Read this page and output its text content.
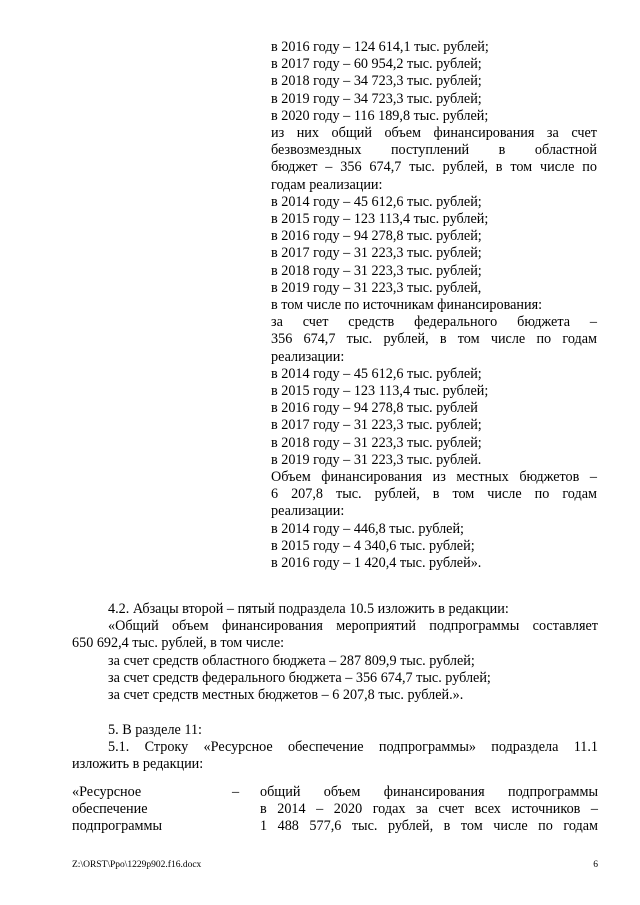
в 2016 году – 124 614,1 тыс. рублей;
в 2017 году – 60 954,2 тыс. рублей;
в 2018 году – 34 723,3 тыс. рублей;
в 2019 году – 34 723,3 тыс. рублей;
в 2020 году – 116 189,8 тыс. рублей;
из них общий объем финансирования за счет
безвозмездных поступлений в областной
бюджет – 356 674,7 тыс. рублей, в том числе по
годам реализации:
в 2014 году – 45 612,6 тыс. рублей;
в 2015 году – 123 113,4 тыс. рублей;
в 2016 году – 94 278,8 тыс. рублей;
в 2017 году – 31 223,3 тыс. рублей;
в 2018 году – 31 223,3 тыс. рублей;
в 2019 году – 31 223,3 тыс. рублей,
в том числе по источникам финансирования:
за счет средств федерального бюджета –
356 674,7 тыс. рублей, в том числе по годам
реализации:
в 2014 году – 45 612,6 тыс. рублей;
в 2015 году – 123 113,4 тыс. рублей;
в 2016 году – 94 278,8 тыс. рублей
в 2017 году – 31 223,3 тыс. рублей;
в 2018 году – 31 223,3 тыс. рублей;
в 2019 году – 31 223,3 тыс. рублей.
Объем финансирования из местных бюджетов –
6 207,8 тыс. рублей, в том числе по годам
реализации:
в 2014 году – 446,8 тыс. рублей;
в 2015 году – 4 340,6 тыс. рублей;
в 2016 году – 1 420,4 тыс. рублей».
4.2. Абзацы второй – пятый подраздела 10.5 изложить в редакции:
«Общий объем финансирования мероприятий подпрограммы составляет
650 692,4 тыс. рублей, в том числе:
за счет средств областного бюджета – 287 809,9 тыс. рублей;
за счет средств федерального бюджета – 356 674,7 тыс. рублей;
за счет средств местных бюджетов – 6 207,8 тыс. рублей.».
5. В разделе 11:
5.1. Строку «Ресурсное обеспечение подпрограммы» подраздела 11.1
изложить в редакции:
«Ресурсное
обеспечение
подпрограммы
– общий объем финансирования подпрограммы
в 2014 – 2020 годах за счет всех источников –
1 488 577,6 тыс. рублей, в том числе по годам
Z:\ORST\Ppo\1229p902.f16.docx	6
